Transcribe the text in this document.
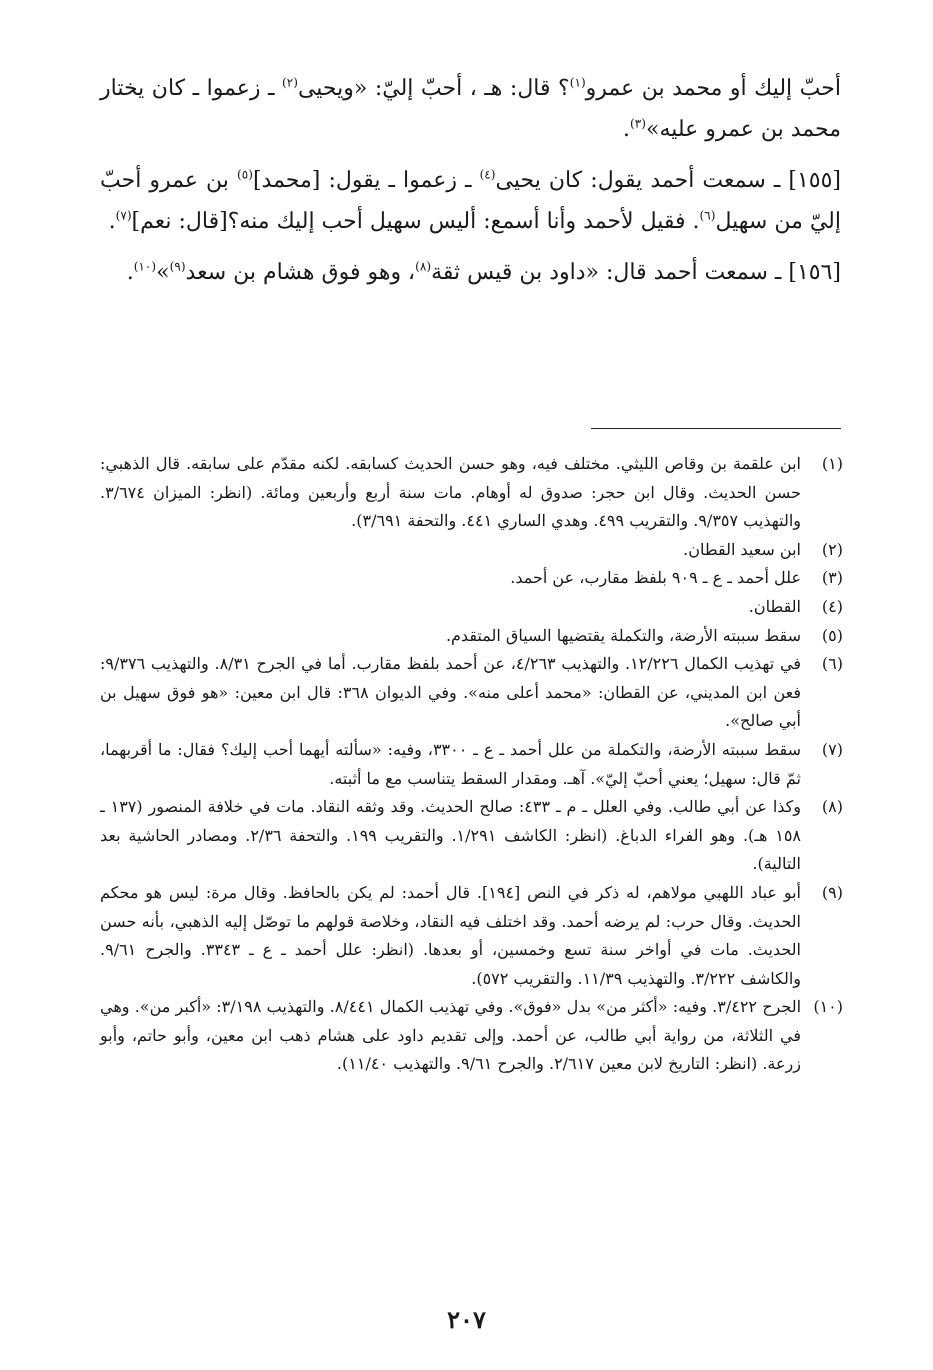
أحبّ إليك أو محمد بن عمرو$^{(١)}$؟ قال: هـ ، أحبّ إليّ: «ويحيى$^{(٢)}$ ـ زعموا ـ كان يختار محمد بن عمرو عليه»$^{(٣)}$.

[١٥٥] ـ سمعت أحمد يقول: كان يحيى$^{(٤)}$ ـ زعموا ـ يقول: [محمد]$^{(٥)}$ بن عمرو أحبّ إليّ من سهيل$^{(٦)}$. فقيل لأحمد وأنا أسمع: أليس سهيل أحب إليك منه؟[قال: نعم]$^{(٧)}$.

[١٥٦] ـ سمعت أحمد قال: «داود بن قيس ثقة$^{(٨)}$، وهو فوق هشام بن سعد$^{(٩)}$»$^{(١٠)}$.

(١)
ابن علقمة بن وقاص الليثي. مختلف فيه، وهو حسن الحديث كسابقه. لكنه مقدّم على سابقه. قال الذهبي: حسن الحديث. وقال ابن حجر: صدوق له أوهام. مات سنة أربع وأربعين ومائة. (انظر: الميزان ٣/٦٧٤. والتهذيب ٩/٣٥٧. والتقريب ٤٩٩. وهدي الساري ٤٤١. والتحفة ٣/٦٩١).
(٢)
ابن سعيد القطان.
(٣)
علل أحمد ـ ع ـ ٩٠٩ بلفظ مقارب، عن أحمد.
(٤)
القطان.
(٥)
سقط سببته الأرضة، والتكملة يقتضيها السياق المتقدم.
(٦)
في تهذيب الكمال ١٢/٢٢٦. والتهذيب ٤/٢٦٣، عن أحمد بلفظ مقارب. أما في الجرح ٨/٣١. والتهذيب ٩/٣٧٦: فعن ابن المديني، عن القطان: «محمد أعلى منه». وفي الديوان ٣٦٨: قال ابن معين: «هو فوق سهيل بن أبي صالح».
(٧)
سقط سببته الأرضة، والتكملة من علل أحمد ـ ع ـ ٣٣٠٠، وفيه: «سألته أيهما أحب إليك؟ فقال: ما أقربهما، ثمّ قال: سهيل؛ يعني أحبّ إليّ». آهـ. ومقدار السقط يتناسب مع ما أثبته.
(٨)
وكذا عن أبي طالب. وفي العلل ـ م ـ ٤٣٣: صالح الحديث. وقد وثقه النقاد. مات في خلافة المنصور (١٣٧ ـ ١٥٨ هـ). وهو الفراء الدباغ. (انظر: الكاشف ١/٢٩١. والتقريب ١٩٩. والتحفة ٢/٣٦. ومصادر الحاشية بعد التالية).
(٩)
أبو عباد اللهبي مولاهم، له ذكر في النص [١٩٤]. قال أحمد: لم يكن بالحافظ. وقال مرة: ليس هو محكم الحديث. وقال حرب: لم يرضه أحمد. وقد اختلف فيه النقاد، وخلاصة قولهم ما توصّل إليه الذهبي، بأنه حسن الحديث. مات في أواخر سنة تسع وخمسين، أو بعدها. (انظر: علل أحمد ـ ع ـ ٣٣٤٣. والجرح ٩/٦١. والكاشف ٣/٢٢٢. والتهذيب ١١/٣٩. والتقريب ٥٧٢).
(١٠)
الجرح ٣/٤٢٢. وفيه: «أكثر من» بدل «فوق». وفي تهذيب الكمال ٨/٤٤١. والتهذيب ٣/١٩٨: «أكبر من». وهي في الثلاثة، من رواية أبي طالب، عن أحمد. وإلى تقديم داود على هشام ذهب ابن معين، وأبو حاتم، وأبو زرعة. (انظر: التاريخ لابن معين ٢/٦١٧. والجرح ٩/٦١. والتهذيب ١١/٤٠).
٢٠٧
